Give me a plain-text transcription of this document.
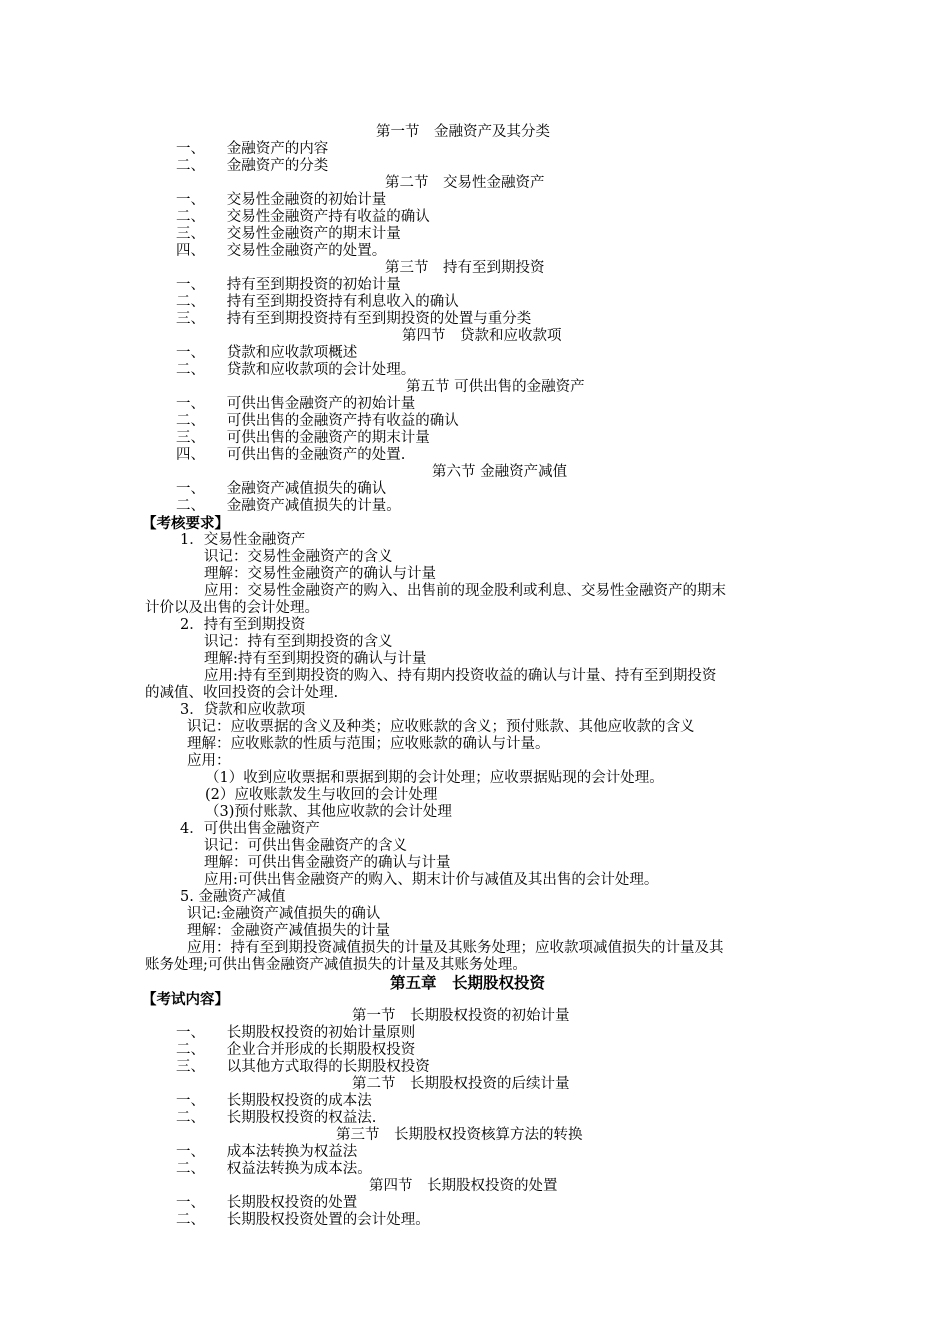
第一节　金融资产及其分类

一、　　金融资产的内容

二、　　金融资产的分类

第二节　交易性金融资产

一、　　交易性金融资的初始计量

二、　　交易性金融资产持有收益的确认

三、　　交易性金融资产的期末计量

四、　　交易性金融资产的处置。

第三节　持有至到期投资

一、　　持有至到期投资的初始计量

二、　　持有至到期投资持有利息收入的确认

三、　　持有至到期投资持有至到期投资的处置与重分类

第四节　贷款和应收款项

一、　　贷款和应收款项概述

二、　　贷款和应收款项的会计处理。

第五节 可供出售的金融资产

一、　　可供出售金融资产的初始计量

二、　　可供出售的金融资产持有收益的确认

三、　　可供出售的金融资产的期末计量

四、　　可供出售的金融资产的处置.

第六节 金融资产减值

一、　　金融资产减值损失的确认

二、　　金融资产减值损失的计量。

【考核要求】

1．交易性金融资产

识记：交易性金融资产的含义

理解：交易性金融资产的确认与计量

应用：交易性金融资产的购入、出售前的现金股利或利息、交易性金融资产的期末

计价以及出售的会计处理。

2．持有至到期投资

识记：持有至到期投资的含义

理解:持有至到期投资的确认与计量

应用:持有至到期投资的购入、持有期内投资收益的确认与计量、持有至到期投资

的减值、收回投资的会计处理.

3．贷款和应收款项

识记：应收票据的含义及种类；应收账款的含义；预付账款、其他应收款的含义

理解：应收账款的性质与范围；应收账款的确认与计量。

应用：

（1）收到应收票据和票据到期的会计处理；应收票据贴现的会计处理。

(2）应收账款发生与收回的会计处理

（3)预付账款、其他应收款的会计处理

4．可供出售金融资产

识记：可供出售金融资产的含义

理解：可供出售金融资产的确认与计量

应用:可供出售金融资产的购入、期末计价与减值及其出售的会计处理。

5. 金融资产减值

识记:金融资产减值损失的确认

理解：金融资产减值损失的计量

应用：持有至到期投资减值损失的计量及其账务处理；应收款项减值损失的计量及其

账务处理;可供出售金融资产减值损失的计量及其账务处理。

第五章　长期股权投资

【考试内容】

第一节　长期股权投资的初始计量

一、　　长期股权投资的初始计量原则

二、　　企业合并形成的长期股权投资

三、　　以其他方式取得的长期股权投资

第二节　长期股权投资的后续计量

一、　　长期股权投资的成本法

二、　　长期股权投资的权益法.

第三节　长期股权投资核算方法的转换

一、　　成本法转换为权益法

二、　　权益法转换为成本法。

第四节　长期股权投资的处置

一、　　长期股权投资的处置

二、　　长期股权投资处置的会计处理。
